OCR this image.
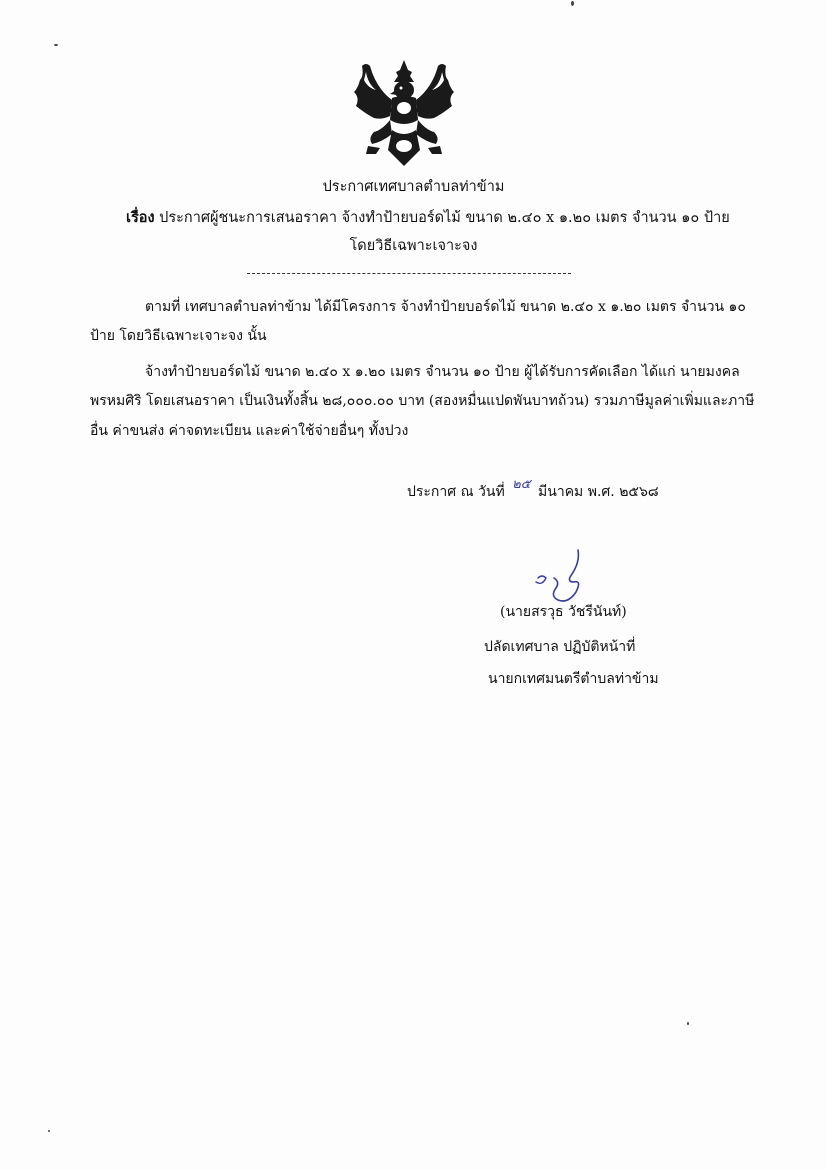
ประกาศเทศบาลตำบลท่าข้าม
เรื่อง ประกาศผู้ชนะการเสนอราคา จ้างทำป้ายบอร์ดไม้ ขนาด ๒.๔๐ x ๑.๒๐ เมตร จำนวน ๑๐ ป้าย
โดยวิธีเฉพาะเจาะจง
ตามที่ เทศบาลตำบลท่าข้าม ได้มีโครงการ จ้างทำป้ายบอร์ดไม้ ขนาด ๒.๔๐ x ๑.๒๐ เมตร จำนวน ๑๐
ป้าย โดยวิธีเฉพาะเจาะจง นั้น
จ้างทำป้ายบอร์ดไม้ ขนาด ๒.๔๐ x ๑.๒๐ เมตร จำนวน ๑๐ ป้าย ผู้ได้รับการคัดเลือก ได้แก่ นายมงคล
พรหมศิริ โดยเสนอราคา เป็นเงินทั้งสิ้น ๒๘,๐๐๐.๐๐ บาท (สองหมื่นแปดพันบาทถ้วน) รวมภาษีมูลค่าเพิ่มและภาษี
อื่น ค่าขนส่ง ค่าจดทะเบียน และค่าใช้จ่ายอื่นๆ ทั้งปวง
ประกาศ ณ วันที่ ๒๕ มีนาคม พ.ศ. ๒๕๖๘
(นายสรวุธ วัชรีนันท์)
ปลัดเทศบาล ปฏิบัติหน้าที่
นายกเทศมนตรีตำบลท่าข้าม
